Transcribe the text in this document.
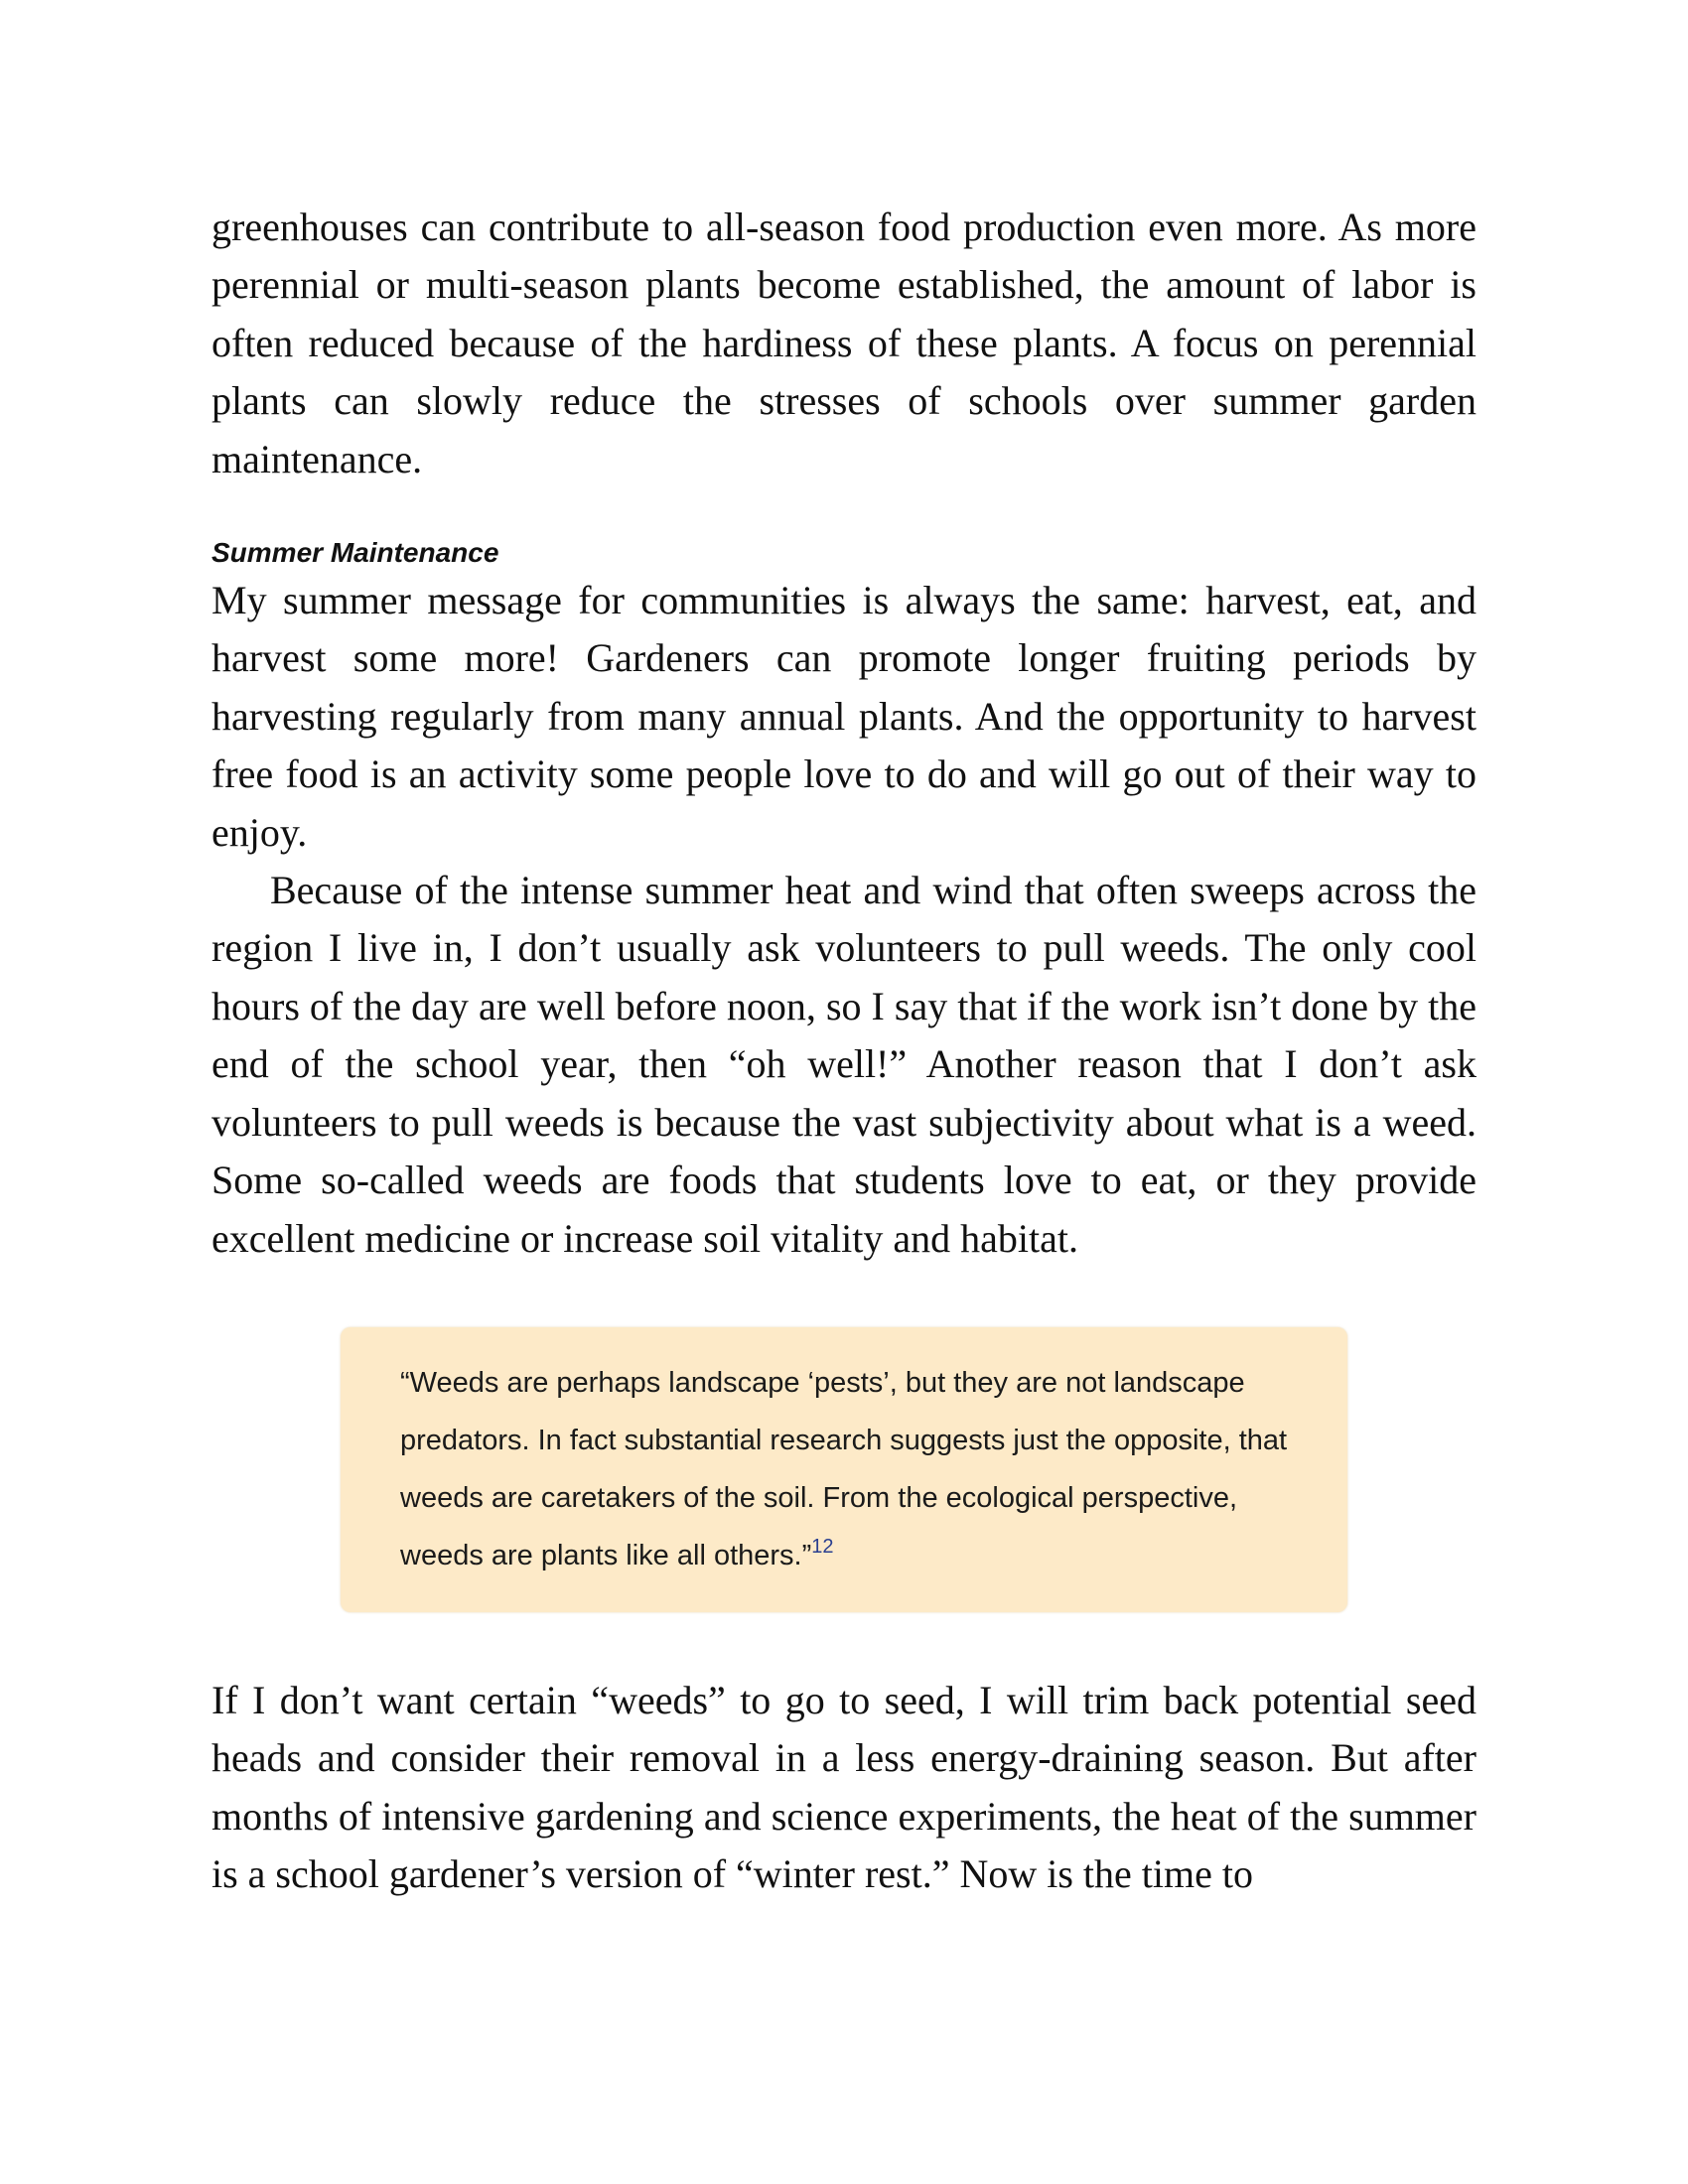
greenhouses can contribute to all-season food production even more. As more perennial or multi-season plants become established, the amount of labor is often reduced because of the hardiness of these plants. A focus on perennial plants can slowly reduce the stresses of schools over summer garden maintenance.

Summer Maintenance

My summer message for communities is always the same: harvest, eat, and harvest some more! Gardeners can promote longer fruiting periods by harvesting regularly from many annual plants. And the opportunity to harvest free food is an activity some people love to do and will go out of their way to enjoy.

Because of the intense summer heat and wind that often sweeps across the region I live in, I don’t usually ask volunteers to pull weeds. The only cool hours of the day are well before noon, so I say that if the work isn’t done by the end of the school year, then “oh well!” Another reason that I don’t ask volunteers to pull weeds is because the vast subjectivity about what is a weed. Some so-called weeds are foods that students love to eat, or they provide excellent medicine or increase soil vitality and habitat.

“Weeds are perhaps landscape ‘pests’, but they are not landscape predators. In fact substantial research suggests just the opposite, that weeds are caretakers of the soil. From the ecological perspective, weeds are plants like all others.”$^{12}$

If I don’t want certain “weeds” to go to seed, I will trim back potential seed heads and consider their removal in a less energy-draining season. But after months of intensive gardening and science experiments, the heat of the summer is a school gardener’s version of “winter rest.” Now is the time to
